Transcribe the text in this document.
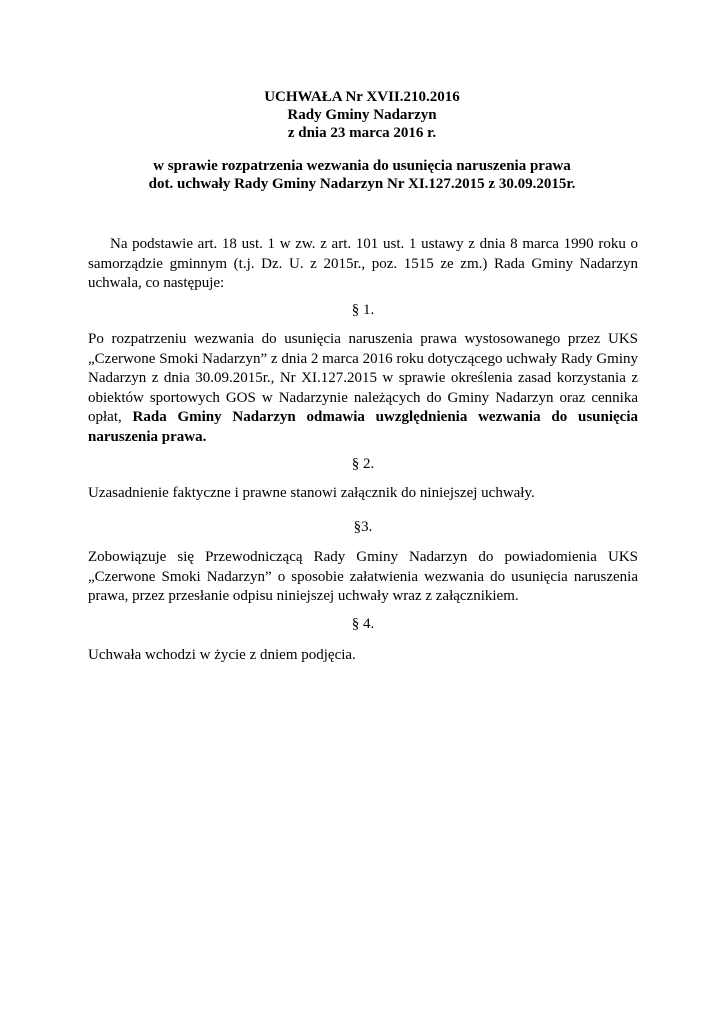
UCHWAŁA Nr XVII.210.2016
Rady Gminy Nadarzyn
z dnia 23 marca 2016 r.
w sprawie rozpatrzenia wezwania do usunięcia naruszenia prawa
dot. uchwały Rady Gminy Nadarzyn Nr XI.127.2015 z 30.09.2015r.
Na podstawie art. 18 ust. 1 w zw. z art. 101 ust. 1 ustawy z dnia 8 marca 1990 roku o samorządzie gminnym (t.j. Dz. U. z 2015r., poz. 1515 ze zm.) Rada Gminy Nadarzyn uchwala, co następuje:
§ 1.
Po rozpatrzeniu wezwania do usunięcia naruszenia prawa wystosowanego przez UKS „Czerwone Smoki Nadarzyn” z dnia 2 marca 2016 roku dotyczącego uchwały Rady Gminy Nadarzyn z dnia 30.09.2015r., Nr XI.127.2015 w sprawie określenia zasad korzystania z obiektów sportowych GOS w Nadarzynie należących do Gminy Nadarzyn oraz cennika opłat, Rada Gminy Nadarzyn odmawia uwzględnienia wezwania do usunięcia naruszenia prawa.
§ 2.
Uzasadnienie faktyczne i prawne stanowi załącznik do niniejszej uchwały.
§3.
Zobowiązuje się Przewodniczącą Rady Gminy Nadarzyn do powiadomienia UKS „Czerwone Smoki Nadarzyn” o sposobie załatwienia wezwania do usunięcia naruszenia prawa, przez przesłanie odpisu niniejszej uchwały wraz z załącznikiem.
§ 4.
Uchwała wchodzi w życie z dniem podjęcia.
